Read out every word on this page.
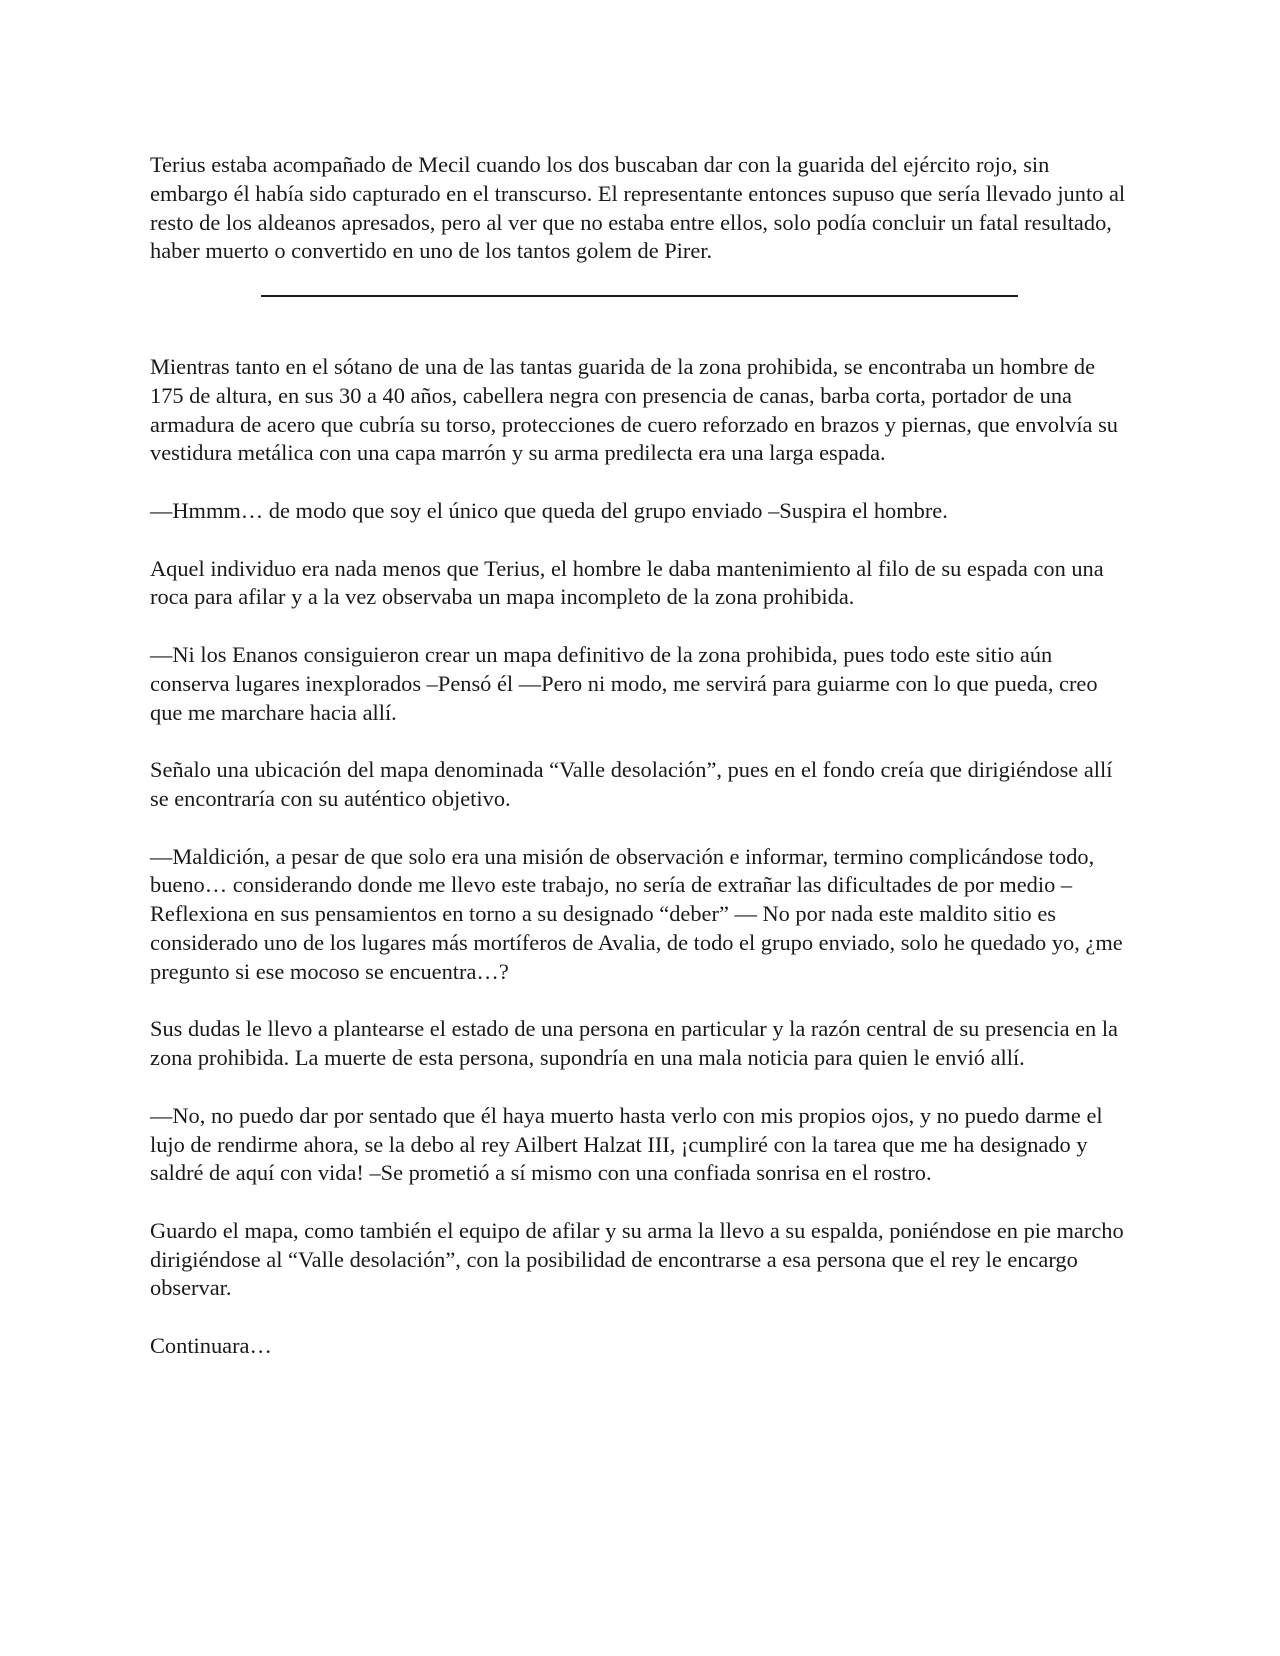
Terius estaba acompañado de Mecil cuando los dos buscaban dar con la guarida del ejército rojo, sin embargo él había sido capturado en el transcurso. El representante entonces supuso que sería llevado junto al resto de los aldeanos apresados, pero al ver que no estaba entre ellos, solo podía concluir un fatal resultado, haber muerto o convertido en uno de los tantos golem de Pirer.

Mientras tanto en el sótano de una de las tantas guarida de la zona prohibida, se encontraba un hombre de 175 de altura, en sus 30 a 40 años, cabellera negra con presencia de canas, barba corta, portador de una armadura de acero que cubría su torso, protecciones de cuero reforzado en brazos y piernas, que envolvía su vestidura metálica con una capa marrón y su arma predilecta era una larga espada.

—Hmmm… de modo que soy el único que queda del grupo enviado –Suspira el hombre.

Aquel individuo era nada menos que Terius, el hombre le daba mantenimiento al filo de su espada con una roca para afilar y a la vez observaba un mapa incompleto de la zona prohibida.

—Ni los Enanos consiguieron crear un mapa definitivo de la zona prohibida, pues todo este sitio aún conserva lugares inexplorados –Pensó él —Pero ni modo, me servirá para guiarme con lo que pueda, creo que me marchare hacia allí.

Señalo una ubicación del mapa denominada “Valle desolación”, pues en el fondo creía que dirigiéndose allí se encontraría con su auténtico objetivo.

—Maldición, a pesar de que solo era una misión de observación e informar, termino complicándose todo, bueno… considerando donde me llevo este trabajo, no sería de extrañar las dificultades de por medio –Reflexiona en sus pensamientos en torno a su designado “deber” — No por nada este maldito sitio es considerado uno de los lugares más mortíferos de Avalia, de todo el grupo enviado, solo he quedado yo, ¿me pregunto si ese mocoso se encuentra…?

Sus dudas le llevo a plantearse el estado de una persona en particular y la razón central de su presencia en la zona prohibida. La muerte de esta persona, supondría en una mala noticia para quien le envió allí.

—No, no puedo dar por sentado que él haya muerto hasta verlo con mis propios ojos, y no puedo darme el lujo de rendirme ahora, se la debo al rey Ailbert Halzat III, ¡cumpliré con la tarea que me ha designado y saldré de aquí con vida! –Se prometió a sí mismo con una confiada sonrisa en el rostro.

Guardo el mapa, como también el equipo de afilar y su arma la llevo a su espalda, poniéndose en pie marcho dirigiéndose al “Valle desolación”, con la posibilidad de encontrarse a esa persona que el rey le encargo observar.

Continuara…
